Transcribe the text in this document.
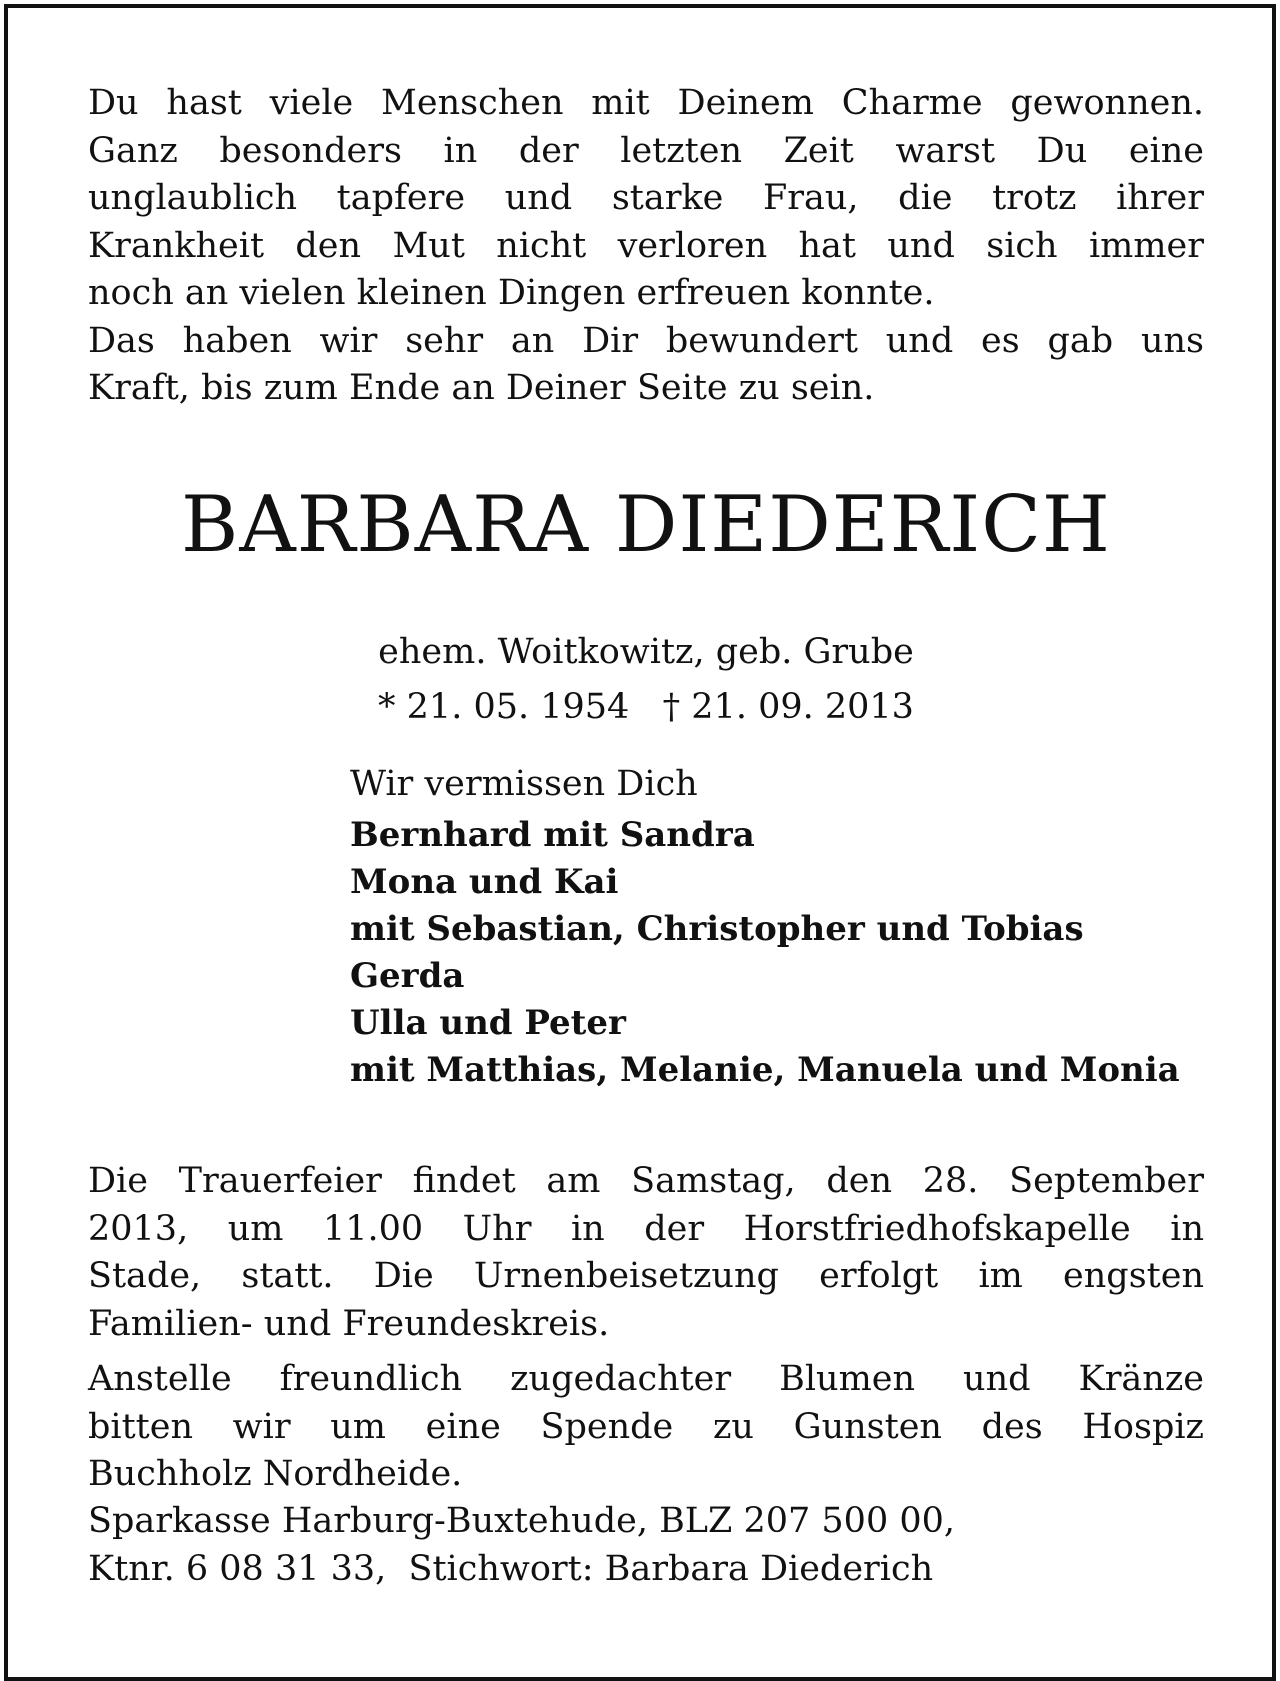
Du hast viele Menschen mit Deinem Charme gewonnen.
Ganz besonders in der letzten Zeit warst Du eine
unglaublich tapfere und starke Frau, die trotz ihrer
Krankheit den Mut nicht verloren hat und sich immer
noch an vielen kleinen Dingen erfreuen konnte.
Das haben wir sehr an Dir bewundert und es gab uns
Kraft, bis zum Ende an Deiner Seite zu sein.
BARBARA DIEDERICH
ehem. Woitkowitz, geb. Grube
* 21. 05. 1954   † 21. 09. 2013

Wir vermissen Dich

Bernhard mit Sandra

Mona und Kai

mit Sebastian, Christopher und Tobias

Gerda

Ulla und Peter

mit Matthias, Melanie, Manuela und Monia

Die Trauerfeier findet am Samstag, den 28. September
2013, um 11.00 Uhr in der Horstfriedhofskapelle in
Stade, statt. Die Urnenbeisetzung erfolgt im engsten
Familien- und Freundeskreis.
Anstelle freundlich zugedachter Blumen und Kränze
bitten wir um eine Spende zu Gunsten des Hospiz
Buchholz Nordheide.
Sparkasse Harburg-Buxtehude, BLZ 207 500 00,
Ktnr. 6 08 31 33,  Stichwort: Barbara Diederich
